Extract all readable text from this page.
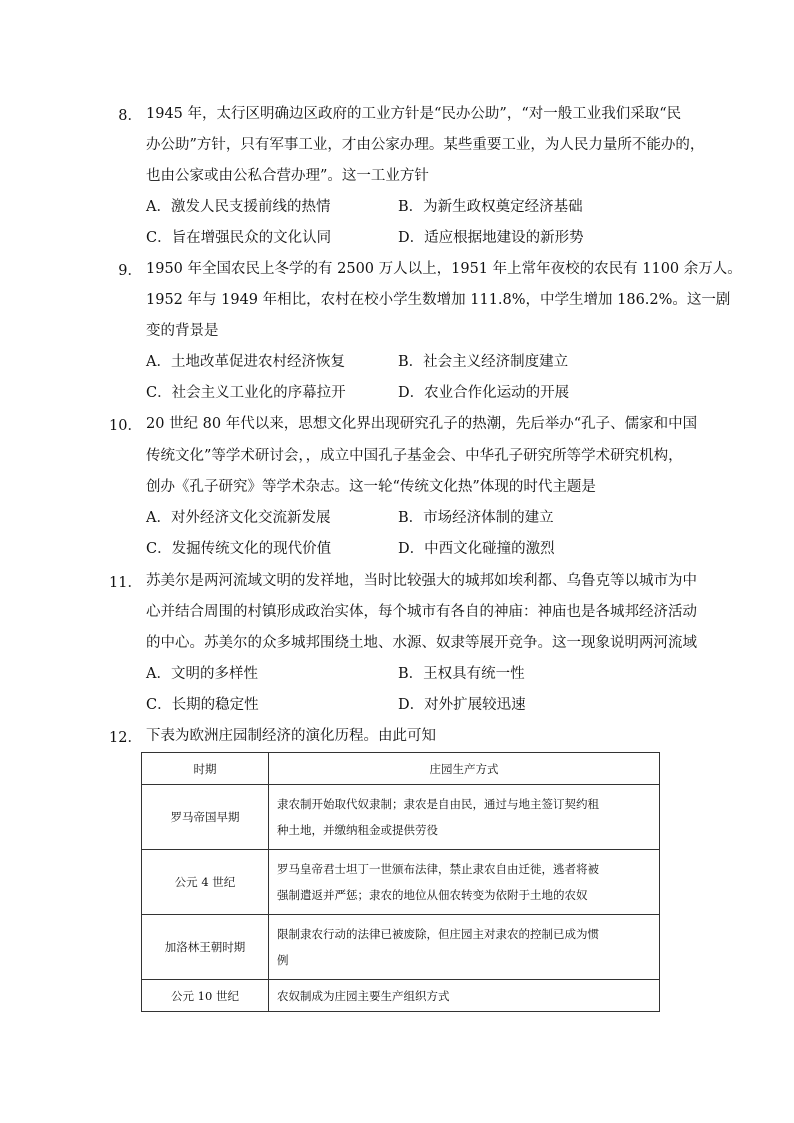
8． 1945 年，太行区明确边区政府的工业方针是“民办公助”，“对一般工业我们采取“民
办公助”方针，只有军事工业，才由公家办理。某些重要工业，为人民力量所不能办的，
也由公家或由公私合营办理”。这一工业方针
A．激发人民支援前线的热情	B．为新生政权奠定经济基础
C．旨在增强民众的文化认同	D．适应根据地建设的新形势
9． 1950 年全国农民上冬学的有 2500 万人以上，1951 年上常年夜校的农民有 1100 余万人。
1952 年与 1949 年相比，农村在校小学生数增加 111.8%，中学生增加 186.2%。这一剧
变的背景是
A．土地改革促进农村经济恢复	B．社会主义经济制度建立
C．社会主义工业化的序幕拉开	D．农业合作化运动的开展
10． 20 世纪 80 年代以来，思想文化界出现研究孔子的热潮，先后举办“孔子、儒家和中国
传统文化”等学术研讨会，，成立中国孔子基金会、中华孔子研究所等学术研究机构，
创办《孔子研究》等学术杂志。这一轮“传统文化热”体现的时代主题是
A．对外经济文化交流新发展	B．市场经济体制的建立
C．发掘传统文化的现代价值	D．中西文化碰撞的激烈
11． 苏美尔是两河流域文明的发祥地，当时比较强大的城邦如埃利都、乌鲁克等以城市为中
心并结合周围的村镇形成政治实体，每个城市有各自的神庙：神庙也是各城邦经济活动
的中心。苏美尔的众多城邦围绕土地、水源、奴隶等展开竞争。这一现象说明两河流域
A．文明的多样性	B．王权具有统一性
C．长期的稳定性	D．对外扩展较迅速
12． 下表为欧洲庄园制经济的演化历程。由此可知
时期	庄园生产方式
罗马帝国早期	隶农制开始取代奴隶制；隶农是自由民，通过与地主签订契约租
种土地，并缴纳租金或提供劳役

公元 4 世纪	罗马皇帝君士坦丁一世颁布法律，禁止隶农自由迁徙，逃者将被
强制遣返并严惩；隶农的地位从佃农转变为依附于土地的农奴

加洛林王朝时期	限制隶农行动的法律已被废除，但庄园主对隶农的控制已成为惯
例

公元 10 世纪	农奴制成为庄园主要生产组织方式
